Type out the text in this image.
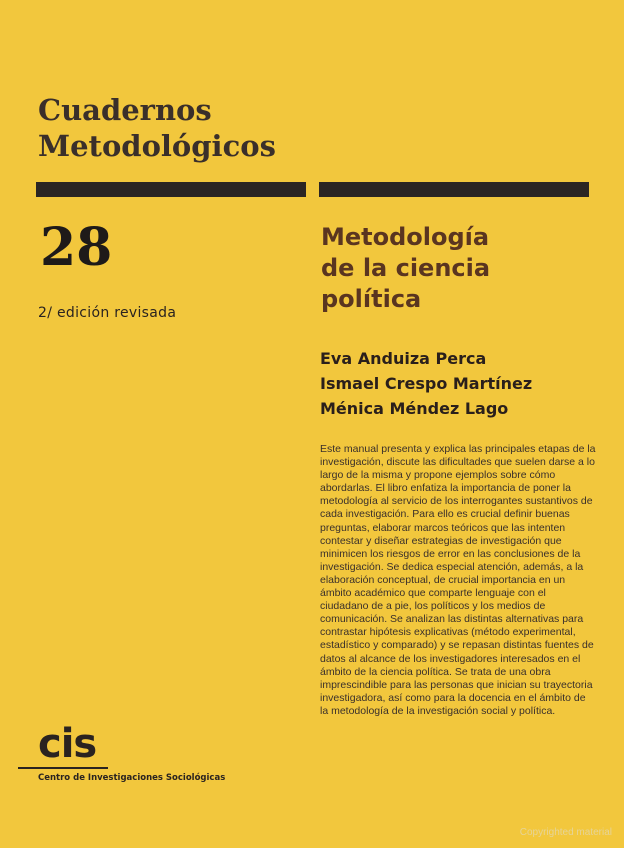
Cuadernos
Metodológicos
28
2/ edición revisada
Metodología
de la ciencia
política
Eva Anduiza Perca
Ismael Crespo Martínez
Ménica Méndez Lago

Este manual presenta y explica las principales etapas de la investigación, discute las dificultades que suelen darse a lo largo de la misma y propone ejemplos sobre cómo abordarlas. El libro enfatiza la importancia de poner la metodología al servicio de los interrogantes sustantivos de cada investigación. Para ello es crucial definir buenas preguntas, elaborar marcos teóricos que las intenten contestar y diseñar estrategias de investigación que minimicen los riesgos de error en las conclusiones de la investigación. Se dedica especial atención, además, a la elaboración conceptual, de crucial importancia en un ámbito académico que comparte lenguaje con el ciudadano de a pie, los políticos y los medios de comunicación. Se analizan las distintas alternativas para contrastar hipótesis explicativas (método experimental, estadístico y comparado) y se repasan distintas fuentes de datos al alcance de los investigadores interesados en el ámbito de la ciencia política. Se trata de una obra imprescindible para las personas que inician su trayectoria investigadora, así como para la docencia en el ámbito de la metodología de la investigación social y política.

cis
Centro de Investigaciones Sociológicas
Copyrighted material
